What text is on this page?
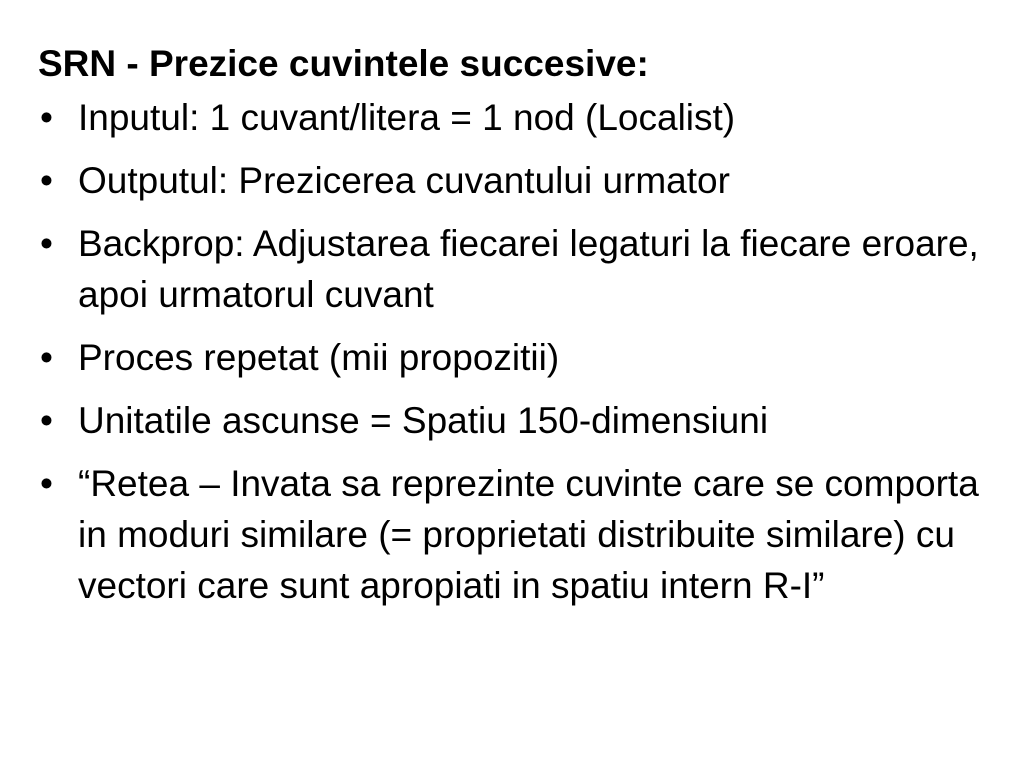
SRN - Prezice cuvintele succesive:
• Inputul: 1 cuvant/litera = 1 nod (Localist)
• Outputul: Prezicerea cuvantului urmator
• Backprop: Adjustarea fiecarei legaturi la fiecare eroare, apoi urmatorul cuvant
• Proces repetat (mii propozitii)
• Unitatile ascunse = Spatiu 150-dimensiuni
• “Retea – Invata sa reprezinte cuvinte care se comporta in moduri similare (= proprietati distribuite similare) cu vectori care sunt apropiati in spatiu intern R-I”
